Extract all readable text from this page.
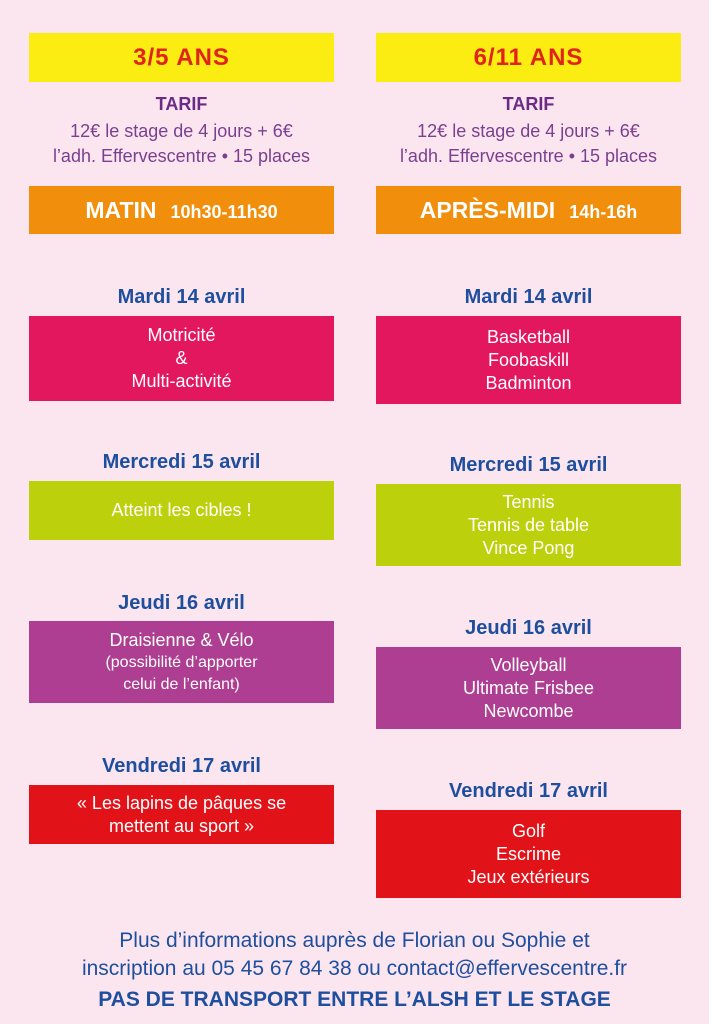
3/5 ANS
TARIF
12€ le stage de 4 jours + 6€
l’adh. Effervescentre • 15 places
MATIN 10h30-11h30
Mardi 14 avril
Motricité
&
Multi-activité
Mercredi 15 avril
Atteint les cibles !
Jeudi 16 avril
Draisienne & Vélo
(possibilité d’apporter
celui de l’enfant)
Vendredi 17 avril
« Les lapins de pâques se
mettent au sport »
6/11 ANS
TARIF
12€ le stage de 4 jours + 6€
l’adh. Effervescentre • 15 places
APRÈS-MIDI 14h-16h
Mardi 14 avril
Basketball
Foobaskill
Badminton
Mercredi 15 avril
Tennis
Tennis de table
Vince Pong
Jeudi 16 avril
Volleyball
Ultimate Frisbee
Newcombe
Vendredi 17 avril
Golf
Escrime
Jeux extérieurs
Plus d’informations auprès de Florian ou Sophie et
inscription au 05 45 67 84 38 ou contact@effervescentre.fr
PAS DE TRANSPORT ENTRE L’ALSH ET LE STAGE
